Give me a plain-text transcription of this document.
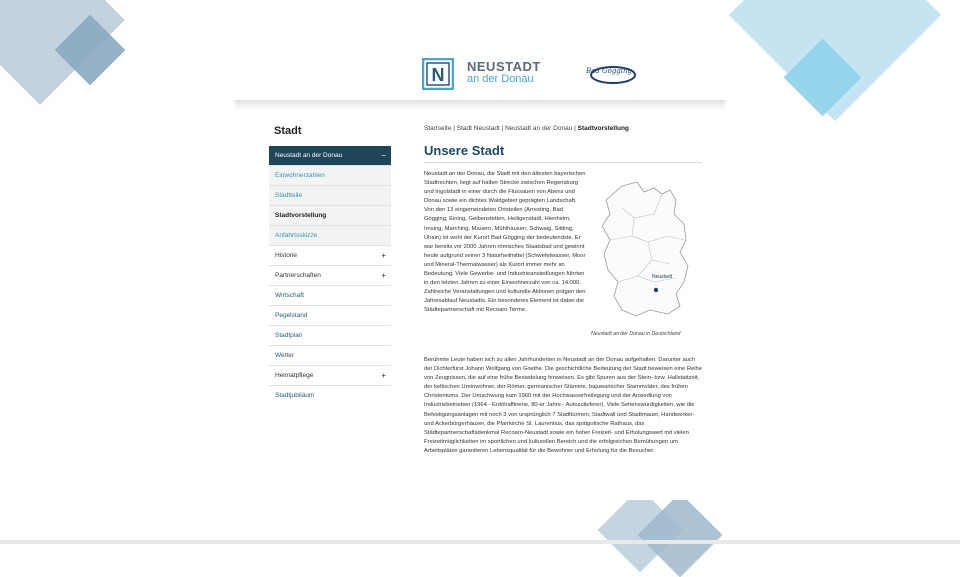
N NEUSTADT
an der Donau
Bad Gögging
Stadt
Neustadt an der Donau	−
Einwohnerzahlen
Stadtteile
Stadtvorstellung
Anfahrtsskizze
Historie	+
Partnerschaften	+
Wirtschaft
Pegelstand
Stadtplan
Wetter
Heimatpflege	+
Stadtjubiläum
Startseite | Stadt Neustadt | Neustadt an der Donau | Stadtvorstellung
Unsere Stadt
Neustadt an der Donau, die Stadt mit den ältesten bayerischen Stadtrechten, liegt auf halber Strecke zwischen Regensburg und Ingolstadt in einer durch die Flussauen von Abens und Donau sowie ein dichtes Waldgebiet geprägten Landschaft. Von den 13 eingemeindeten Ortsteilen (Arresting, Bad Gögging, Eining, Geibenstetten, Heiligenstadt, Hienheim, Irnsing, Marching, Mauern, Mühlhausen, Schwaig, Sittling, Ulrain) ist wohl der Kurort Bad Gögging der bedeutendste. Er war bereits vor 2000 Jahren römisches Staatsbad und gewinnt heute aufgrund seiner 3 Naturheilmittel (Schwefelwasser, Moor und Mineral-Thermalwasser) als Kurort immer mehr an Bedeutung. Viele Gewerbe- und Industrieansiedlungen führten in den letzten Jahren zu einer Einwohnerzahl von ca. 14.000. Zahlreiche Veranstaltungen und kulturelle Aktionen prägen den Jahresablauf Neustadts. Ein besonderes Element ist dabei die Städtepartnerschaft mit Recoaro Terme.
Neustadt
Neustadt an der Donau in Deutschland
Berühmte Leute haben sich zu allen Jahrhunderten in Neustadt an der Donau aufgehalten. Darunter auch der Dichterfürst Johann Wolfgang von Goethe. Die geschichtliche Bedeutung der Stadt beweisen eine Reihe von Zeugnissen, die auf eine frühe Besiedelung hinweisen. Es gibt Spuren aus der Stein- bzw. Hallstattzeit, der keltischen Ureinwohner, der Römer, germanischer Stämme, bajuwarischer Stammväter, des frühen Christentums. Der Umschwung kam 1960 mit der Hochwasserfreilegung und der Ansiedlung von Industriebetrieben (1964 - Erdölraffinerie, 80-er Jahre - Autozulieferer). Viele Sehenswürdigkeiten, wie die Befestigungsanlagen mit noch 3 von ursprünglich 7 Stadttürmen, Stadtwall und Stadtmauer, Handwerker- und Ackerbürgerhäuser, die Pfarrkirche St. Laurentius, das spätgotische Rathaus, das Städtepartnerschaftsdenkmal Recoaro-Neustadt sowie ein hoher Freizeit- und Erholungswert mit vielen Freizeitmöglichkeiten im sportlichen und kulturellen Bereich und die erfolgreichen Bemühungen um Arbeitsplätze garantieren Lebensqualität für die Bewohner und Erholung für die Besucher.
